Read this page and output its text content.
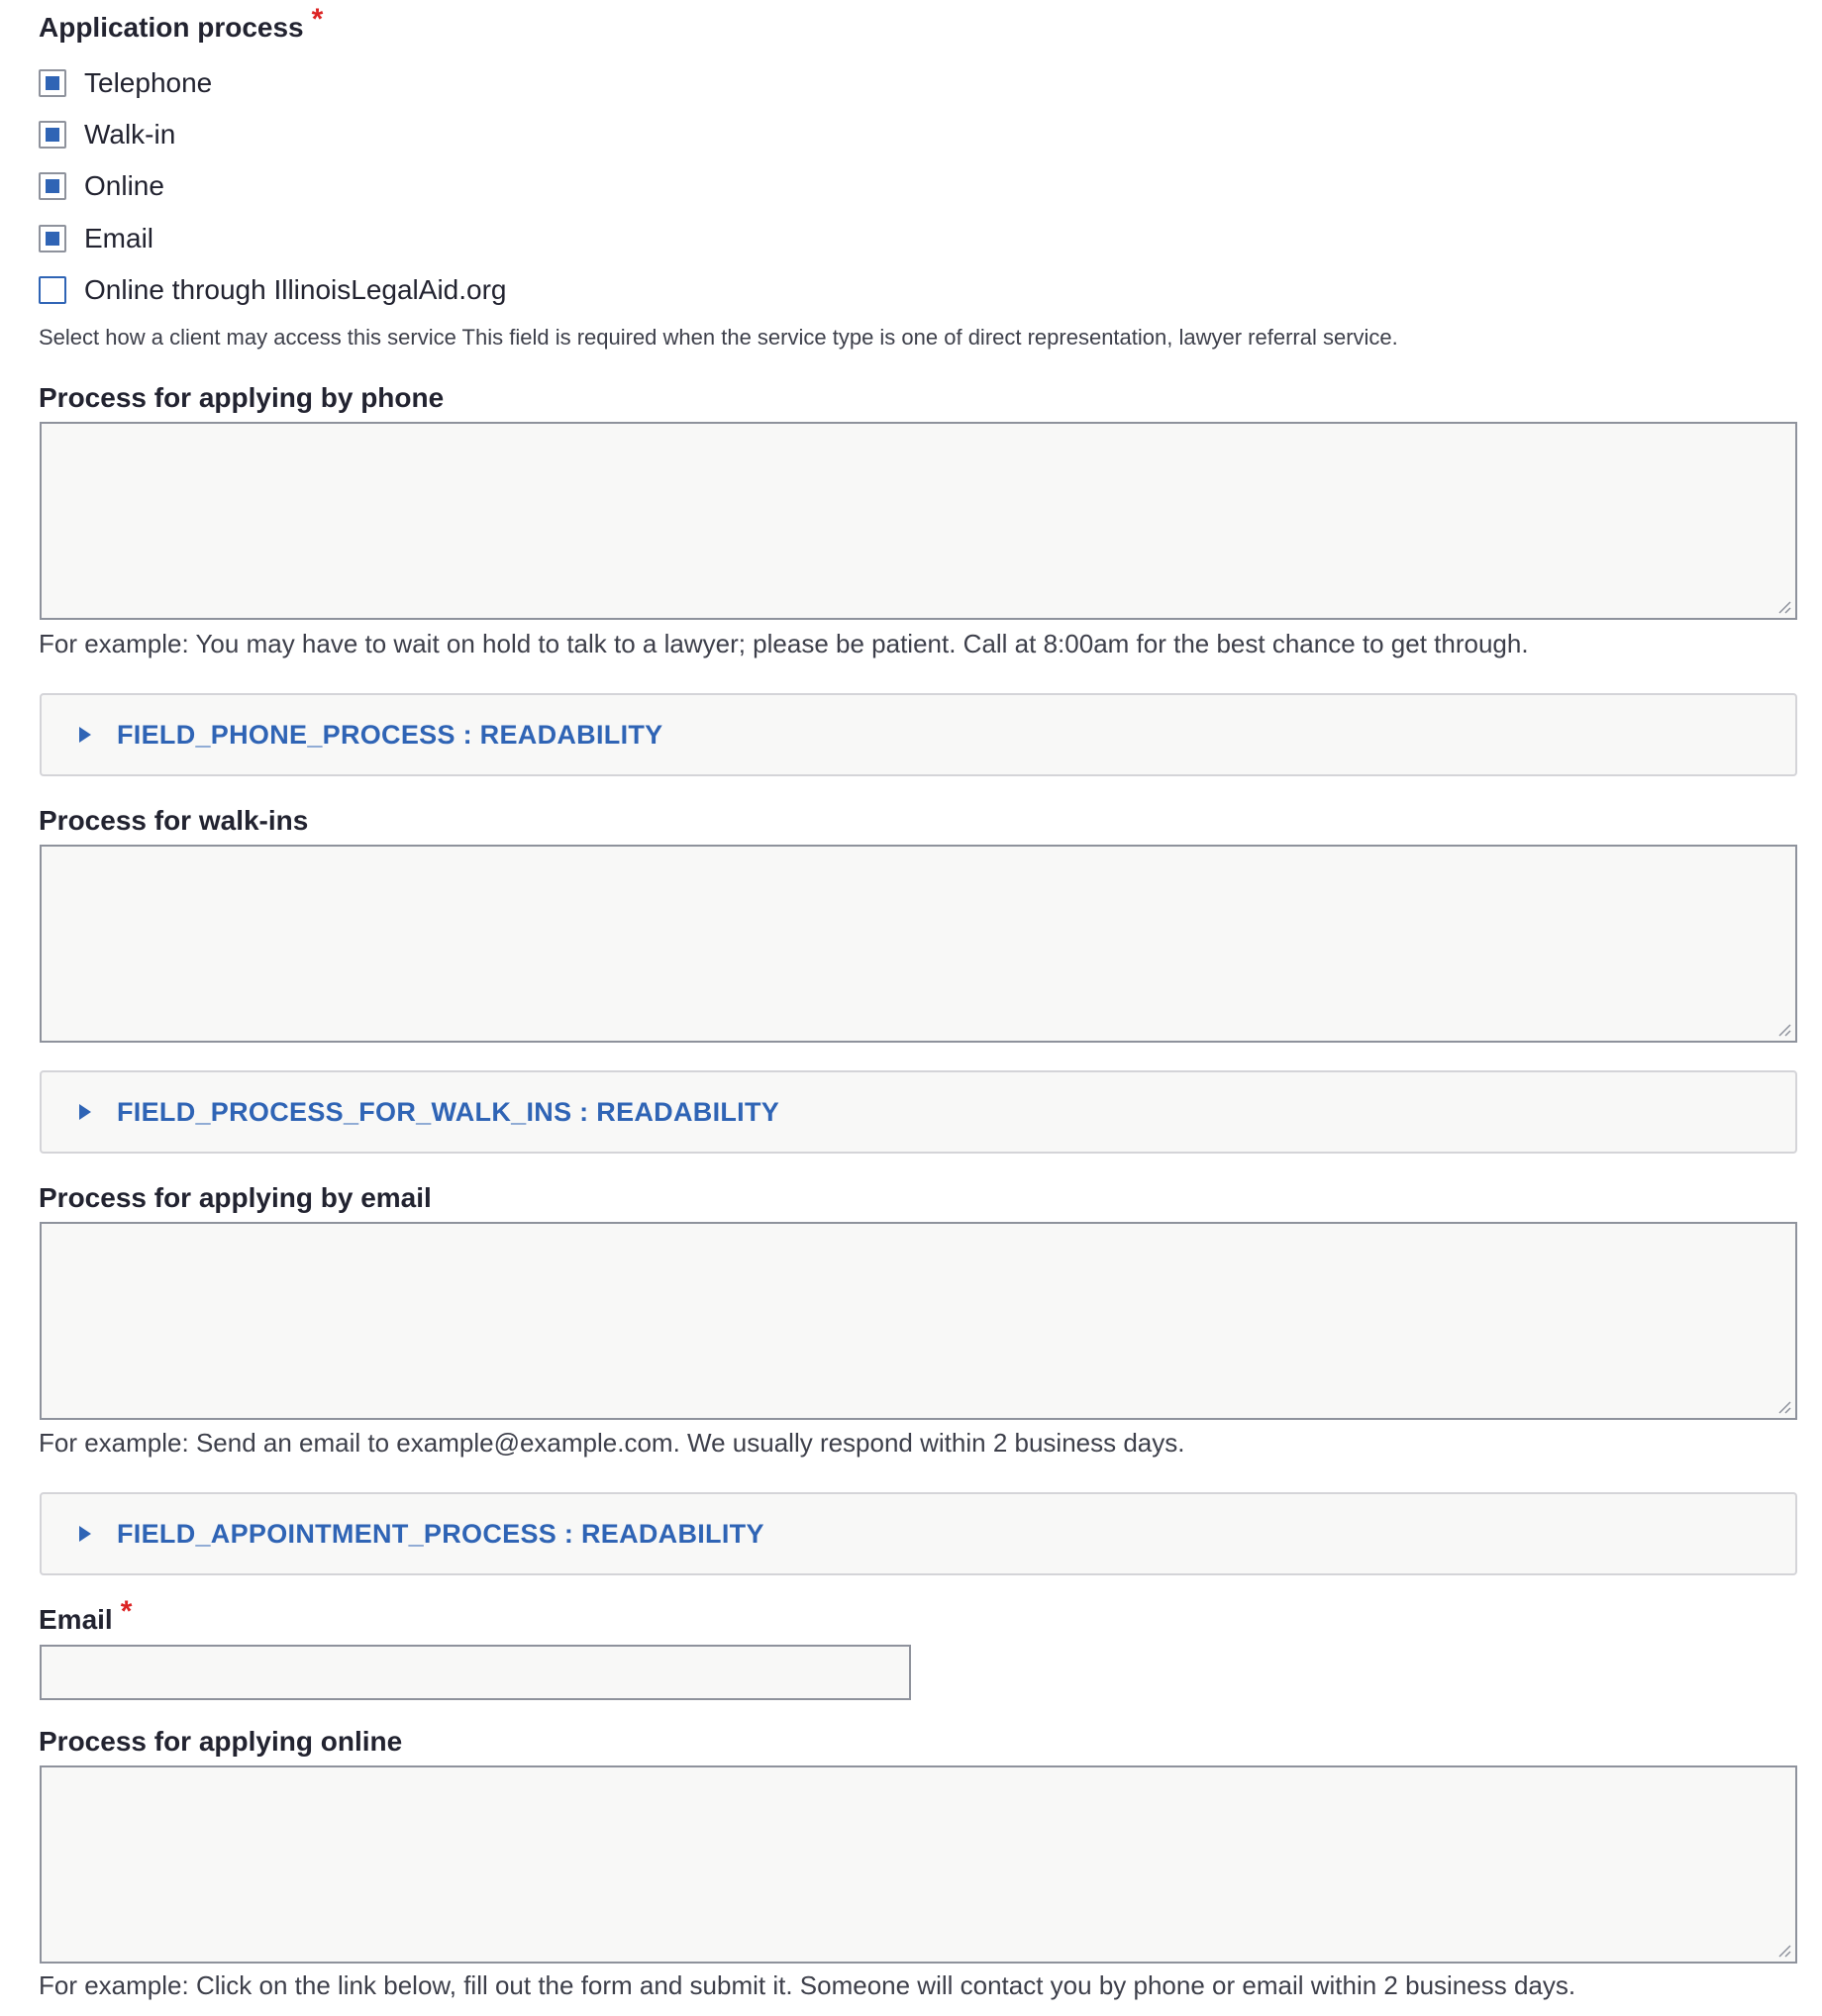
Application process *
Telephone
Walk-in
Online
Email
Online through IllinoisLegalAid.org
Select how a client may access this service This field is required when the service type is one of direct representation, lawyer referral service.
Process for applying by phone
For example: You may have to wait on hold to talk to a lawyer; please be patient. Call at 8:00am for the best chance to get through.
FIELD_PHONE_PROCESS : READABILITY
Process for walk-ins
FIELD_PROCESS_FOR_WALK_INS : READABILITY
Process for applying by email
For example: Send an email to example@example.com. We usually respond within 2 business days.
FIELD_APPOINTMENT_PROCESS : READABILITY
Email *
Process for applying online
For example: Click on the link below, fill out the form and submit it. Someone will contact you by phone or email within 2 business days.
